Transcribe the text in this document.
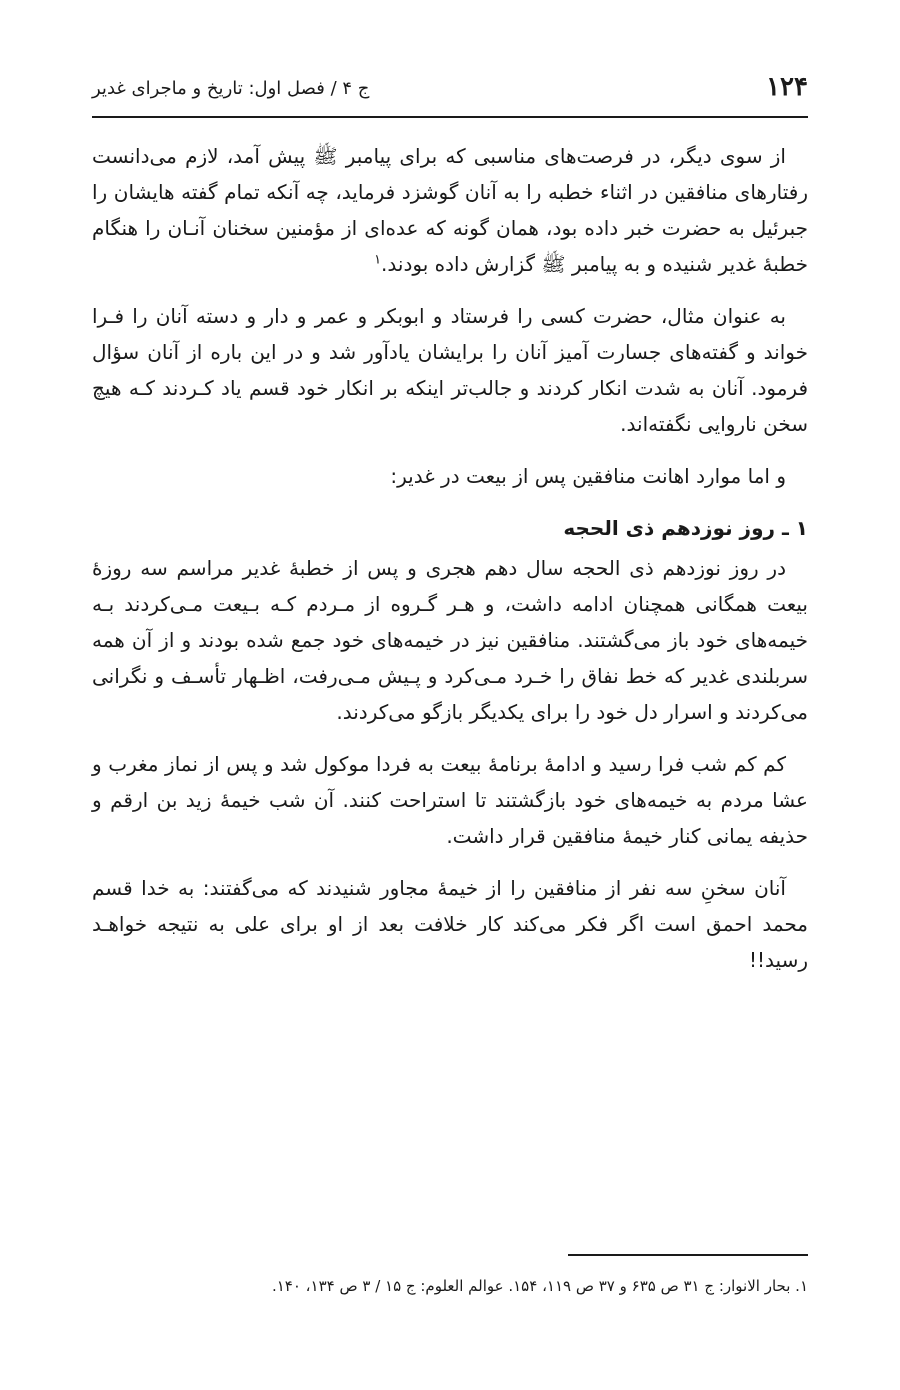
۱۲۴
ج ۴ / فصل اول: تاریخ و ماجرای غدیر

از سوی دیگر، در فرصت‌های مناسبی که برای پیامبر ﷺ پیش آمد، لازم می‌دانست رفتارهای منافقین در اثناء خطبه را به آنان گوشزد فرماید، چه آنکه تمام گفته هایشان را جبرئیل به حضرت خبر داده بود، همان گونه که عده‌ای از مؤمنین سخنان آنـان را هنگام خطبهٔ غدیر شنیده و به پیامبر ﷺ گزارش داده بودند.$^۱$

به عنوان مثال، حضرت کسی را فرستاد و ابوبکر و عمر و دار و دسته آنان را فـرا خواند و گفته‌های جسارت آمیز آنان را برایشان یادآور شد و در این باره از آنان سؤال فرمود. آنان به شدت انکار کردند و جالب‌تر اینکه بر انکار خود قسم یاد کـردند کـه هیچ سخن ناروایی نگفته‌اند.

و اما موارد اهانت منافقین پس از بیعت در غدیر:

۱ ـ روز نوزدهم ذی الحجه

در روز نوزدهم ذی الحجه سال دهم هجری و پس از خطبهٔ غدیر مراسم سه روزهٔ بیعت همگانی همچنان ادامه داشت، و هـر گـروه از مـردم کـه بـیعت مـی‌کردند بـه خیمه‌های خود باز می‌گشتند. منافقین نیز در خیمه‌های خود جمع شده بودند و از آن همه سربلندی غدیر که خط نفاق را خـرد مـی‌کرد و پـیش مـی‌رفت، اظـهار تأسـف و نگرانی می‌کردند و اسرار دل خود را برای یکدیگر بازگو می‌کردند.

کم کم شب فرا رسید و ادامهٔ برنامهٔ بیعت به فردا موکول شد و پس از نماز مغرب و عشا مردم به خیمه‌های خود بازگشتند تا استراحت کنند. آن شب خیمهٔ زید بن ارقم و حذیفه یمانی کنار خیمهٔ منافقین قرار داشت.

آنان سخنِ سه نفر از منافقین را از خیمهٔ مجاور شنیدند که می‌گفتند: به خدا قسم محمد احمق است اگر فکر می‌کند کار خلافت بعد از او برای علی به نتیجه خواهـد رسید!!

۱. بحار الانوار: ج ۳۱ ص ۶۳۵ و ۳۷ ص ۱۱۹، ۱۵۴. عوالم العلوم: ج ۱۵ / ۳ ص ۱۳۴، ۱۴۰.
